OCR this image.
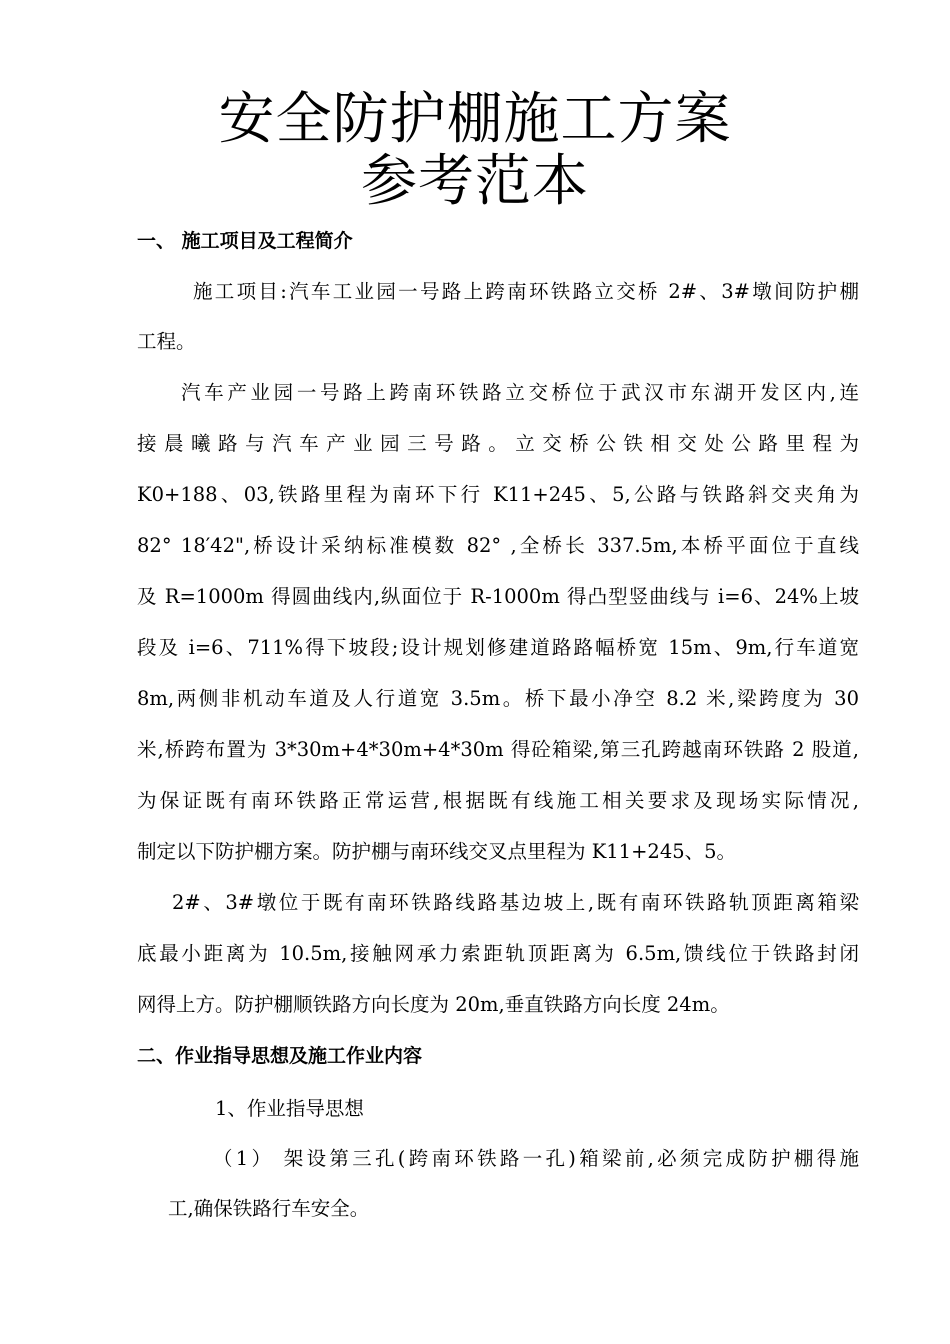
安全防护棚施工方案
参考范本
一、 施工项目及工程简介
施工项目:汽车工业园一号路上跨南环铁路立交桥 2#、3#墩间防护棚
工程。
汽车产业园一号路上跨南环铁路立交桥位于武汉市东湖开发区内,连
接晨曦路与汽车产业园三号路。立交桥公铁相交处公路里程为
K0+188、03,铁路里程为南环下行 K11+245、5,公路与铁路斜交夹角为
82° 18′42",桥设计采纳标准模数 82° ,全桥长 337.5m,本桥平面位于直线
及 R=1000m 得圆曲线内,纵面位于 R-1000m 得凸型竖曲线与 i=6、24%上坡
段及 i=6、711%得下坡段;设计规划修建道路路幅桥宽 15m、9m,行车道宽
8m,两侧非机动车道及人行道宽 3.5m。桥下最小净空 8.2 米,梁跨度为 30
米,桥跨布置为 3*30m+4*30m+4*30m 得砼箱梁,第三孔跨越南环铁路 2 股道,
为保证既有南环铁路正常运营,根据既有线施工相关要求及现场实际情况,
制定以下防护棚方案。防护棚与南环线交叉点里程为 K11+245、5。
2#、3#墩位于既有南环铁路线路基边坡上,既有南环铁路轨顶距离箱梁
底最小距离为 10.5m,接触网承力索距轨顶距离为 6.5m,馈线位于铁路封闭
网得上方。防护棚顺铁路方向长度为 20m,垂直铁路方向长度 24m。
二、作业指导思想及施工作业内容
1、作业指导思想
（1） 架设第三孔(跨南环铁路一孔)箱梁前,必须完成防护棚得施
工,确保铁路行车安全。
